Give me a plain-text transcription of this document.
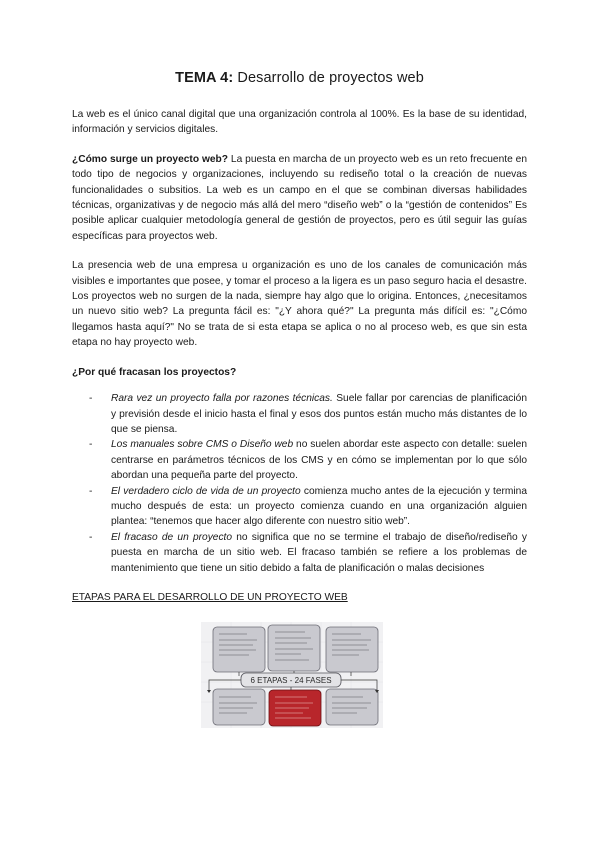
TEMA 4: Desarrollo de proyectos web

La web es el único canal digital que una organización controla al 100%. Es la base de su identidad, información y servicios digitales.

¿Cómo surge un proyecto web? La puesta en marcha de un proyecto web es un reto frecuente en todo tipo de negocios y organizaciones, incluyendo su rediseño total o la creación de nuevas funcionalidades o subsitios. La web es un campo en el que se combinan diversas habilidades técnicas, organizativas y de negocio más allá del mero “diseño web” o la “gestión de contenidos” Es posible aplicar cualquier metodología general de gestión de proyectos, pero es útil seguir las guías específicas para proyectos web.

La presencia web de una empresa u organización es uno de los canales de comunicación más visibles e importantes que posee, y tomar el proceso a la ligera es un paso seguro hacia el desastre. Los proyectos web no surgen de la nada, siempre hay algo que lo origina. Entonces, ¿necesitamos un nuevo sitio web? La pregunta fácil es: "¿Y ahora qué?" La pregunta más difícil es: "¿Cómo llegamos hasta aquí?" No se trata de si esta etapa se aplica o no al proceso web, es que sin esta etapa no hay proyecto web.

¿Por qué fracasan los proyectos?
- Rara vez un proyecto falla por razones técnicas. Suele fallar por carencias de planificación y previsión desde el inicio hasta el final y esos dos puntos están mucho más distantes de lo que se piensa.
- Los manuales sobre CMS o Diseño web no suelen abordar este aspecto con detalle: suelen centrarse en parámetros técnicos de los CMS y en cómo se implementan por lo que sólo abordan una pequeña parte del proyecto.
- El verdadero ciclo de vida de un proyecto comienza mucho antes de la ejecución y termina mucho después de esta: un proyecto comienza cuando en una organización alguien plantea: “tenemos que hacer algo diferente con nuestro sitio web”.
- El fracaso de un proyecto no significa que no se termine el trabajo de diseño/rediseño y puesta en marcha de un sitio web. El fracaso también se refiere a los problemas de mantenimiento que tiene un sitio debido a falta de planificación o malas decisiones
ETAPAS PARA EL DESARROLLO DE UN PROYECTO WEB
6 ETAPAS - 24 FASES
